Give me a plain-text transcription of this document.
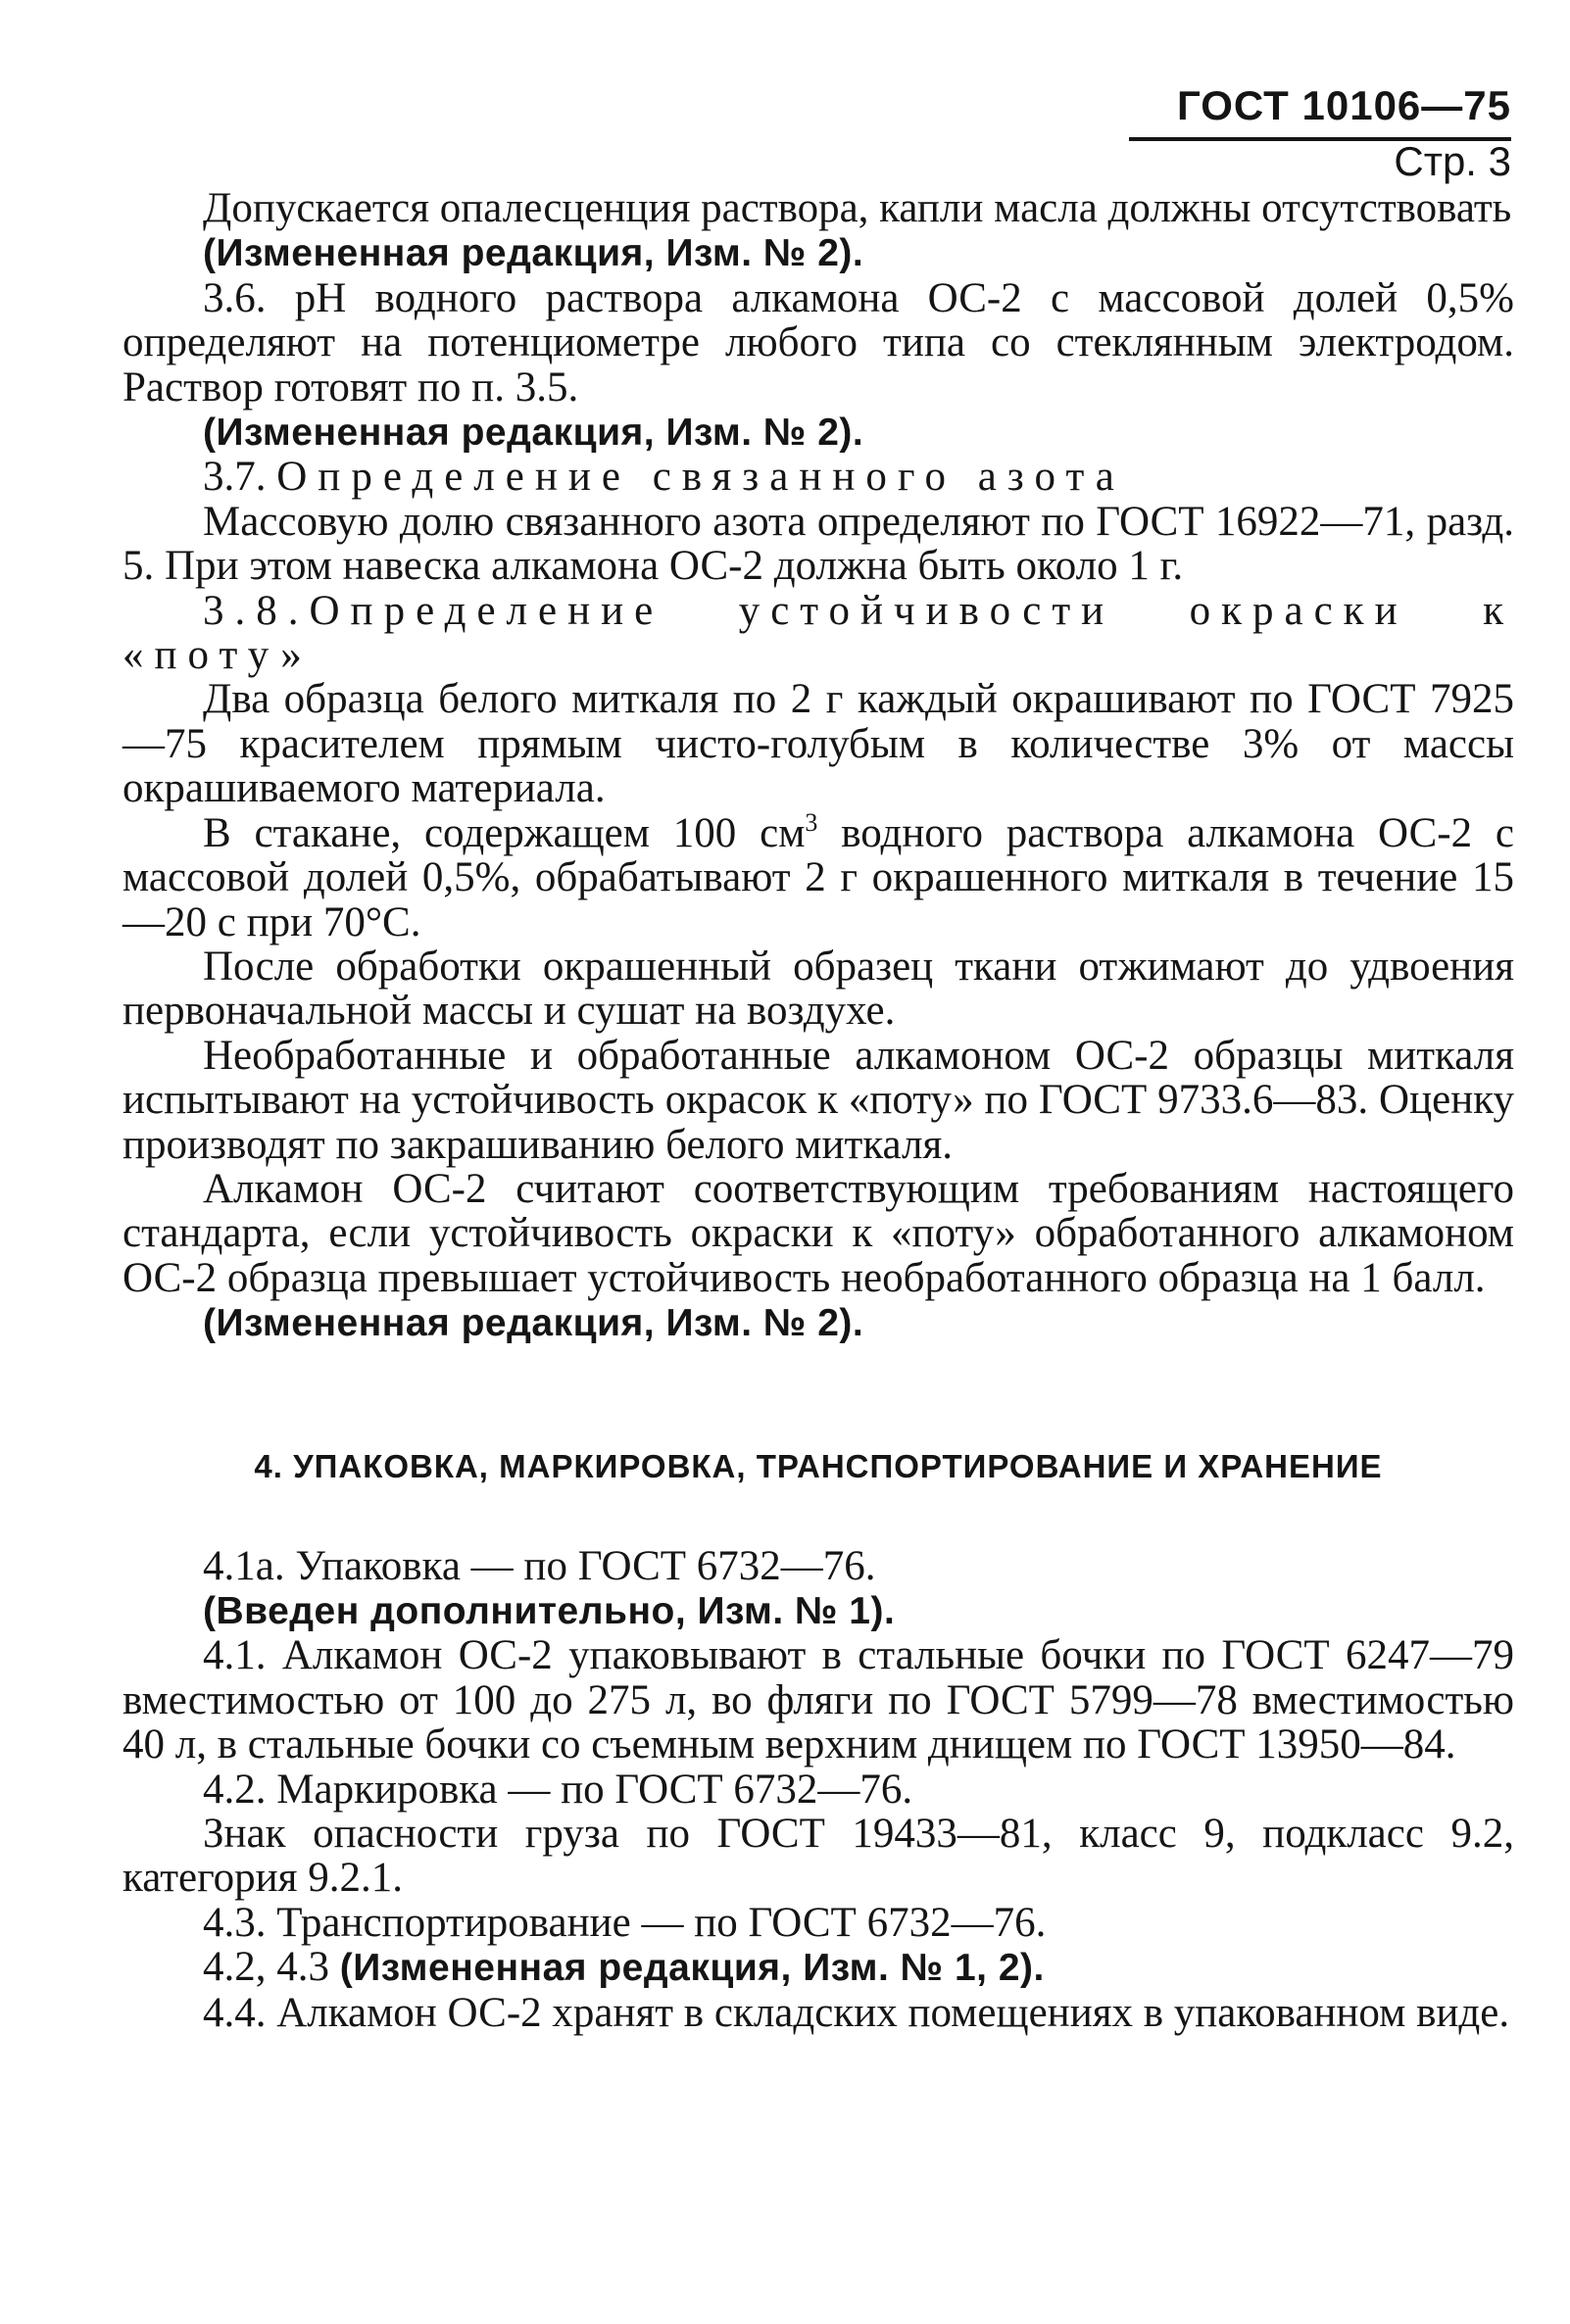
ГОСТ 10106—75 Стр. 3

Допускается опалесценция раствора, капли масла должны отсутствовать

(Измененная редакция, Изм. № 2).

3.6. pH водного раствора алкамона ОС-2 с массовой долей 0,5% определяют на потенциометре любого типа со стеклянным электродом. Раствор готовят по п. 3.5.

(Измененная редакция, Изм. № 2).

3.7. Определение связанного азота

Массовую долю связанного азота определяют по ГОСТ 16922—71, разд. 5. При этом навеска алкамона ОС-2 должна быть около 1 г.

3.8.Определение устойчивости окраски к

«поту»

Два образца белого миткаля по 2 г каждый окрашивают по ГОСТ 7925—75 красителем прямым чисто-голубым в количестве 3% от массы окрашиваемого материала.

В стакане, содержащем 100 $см^3$ водного раствора алкамона ОС-2 с массовой долей 0,5%, обрабатывают 2 г окрашенного миткаля в течение 15—20 с при 70°С.

После обработки окрашенный образец ткани отжимают до удвоения первоначальной массы и сушат на воздухе.

Необработанные и обработанные алкамоном ОС-2 образцы миткаля испытывают на устойчивость окрасок к «поту» по ГОСТ 9733.6—83. Оценку производят по закрашиванию белого миткаля.

Алкамон ОС-2 считают соответствующим требованиям настоящего стандарта, если устойчивость окраски к «поту» обработанного алкамоном ОС-2 образца превышает устойчивость необработанного образца на 1 балл.

(Измененная редакция, Изм. № 2).

4. УПАКОВКА, МАРКИРОВКА, ТРАНСПОРТИРОВАНИЕ И ХРАНЕНИЕ

4.1а. Упаковка — по ГОСТ 6732—76.

(Введен дополнительно, Изм. № 1).

4.1. Алкамон ОС-2 упаковывают в стальные бочки по ГОСТ 6247—79 вместимостью от 100 до 275 л, во фляги по ГОСТ 5799—78 вместимостью 40 л, в стальные бочки со съемным верхним днищем по ГОСТ 13950—84.

4.2. Маркировка — по ГОСТ 6732—76.

Знак опасности груза по ГОСТ 19433—81, класс 9, подкласс 9.2, категория 9.2.1.

4.3. Транспортирование — по ГОСТ 6732—76.

4.2, 4.3 (Измененная редакция, Изм. № 1, 2).

4.4. Алкамон ОС-2 хранят в складских помещениях в упакованном виде.
